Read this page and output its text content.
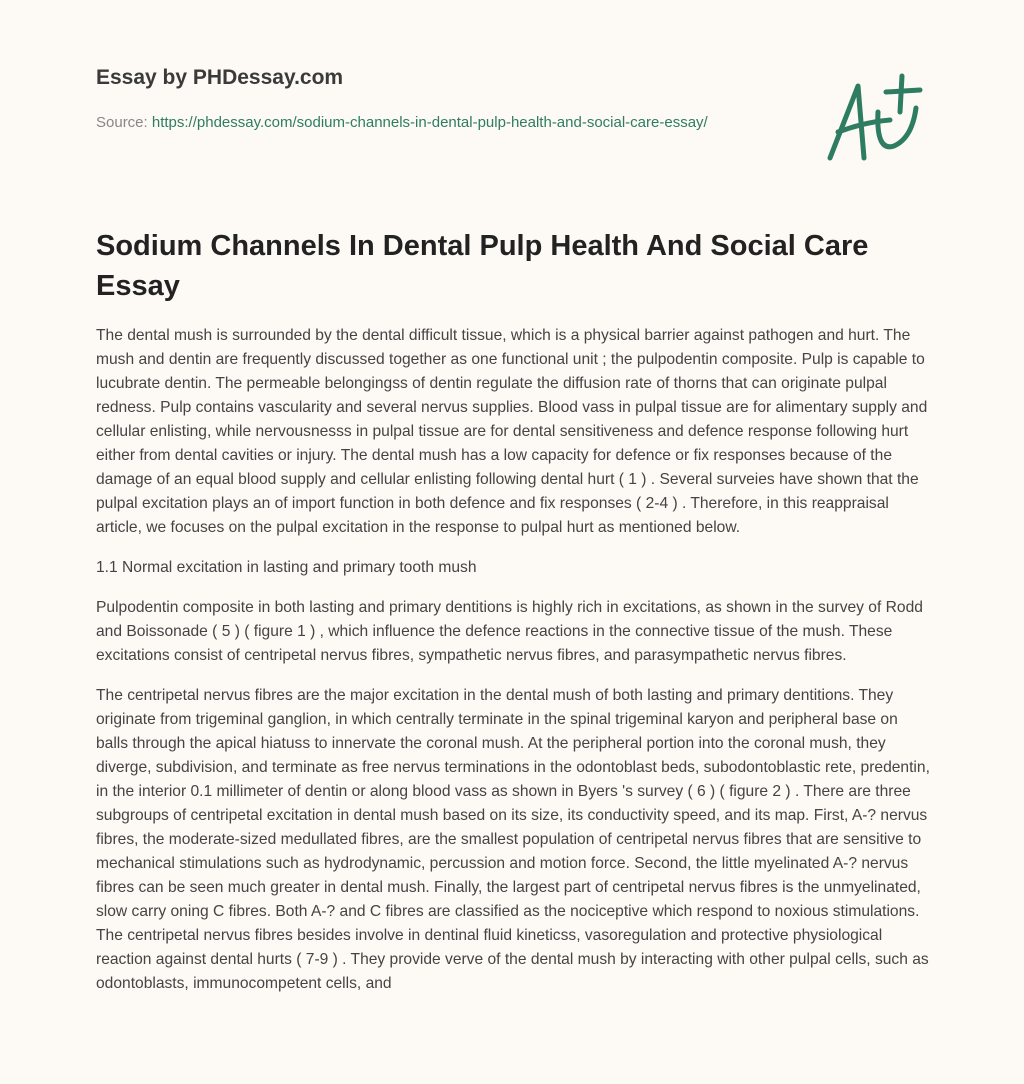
Essay by PHDessay.com
Source: https://phdessay.com/sodium-channels-in-dental-pulp-health-and-social-care-essay/
Sodium Channels In Dental Pulp Health And Social Care Essay

The dental mush is surrounded by the dental difficult tissue, which is a physical barrier against pathogen and hurt. The mush and dentin are frequently discussed together as one functional unit ; the pulpodentin composite. Pulp is capable to lucubrate dentin. The permeable belongingss of dentin regulate the diffusion rate of thorns that can originate pulpal redness. Pulp contains vascularity and several nervus supplies. Blood vass in pulpal tissue are for alimentary supply and cellular enlisting, while nervousnesss in pulpal tissue are for dental sensitiveness and defence response following hurt either from dental cavities or injury. The dental mush has a low capacity for defence or fix responses because of the damage of an equal blood supply and cellular enlisting following dental hurt ( 1 ) . Several surveies have shown that the pulpal excitation plays an of import function in both defence and fix responses ( 2-4 ) . Therefore, in this reappraisal article, we focuses on the pulpal excitation in the response to pulpal hurt as mentioned below.

1.1 Normal excitation in lasting and primary tooth mush

Pulpodentin composite in both lasting and primary dentitions is highly rich in excitations, as shown in the survey of Rodd and Boissonade ( 5 ) ( figure 1 ) , which influence the defence reactions in the connective tissue of the mush. These excitations consist of centripetal nervus fibres, sympathetic nervus fibres, and parasympathetic nervus fibres.

The centripetal nervus fibres are the major excitation in the dental mush of both lasting and primary dentitions. They originate from trigeminal ganglion, in which centrally terminate in the spinal trigeminal karyon and peripheral base on balls through the apical hiatuss to innervate the coronal mush. At the peripheral portion into the coronal mush, they diverge, subdivision, and terminate as free nervus terminations in the odontoblast beds, subodontoblastic rete, predentin, in the interior 0.1 millimeter of dentin or along blood vass as shown in Byers 's survey ( 6 ) ( figure 2 ) . There are three subgroups of centripetal excitation in dental mush based on its size, its conductivity speed, and its map. First, A-? nervus fibres, the moderate-sized medullated fibres, are the smallest population of centripetal nervus fibres that are sensitive to mechanical stimulations such as hydrodynamic, percussion and motion force. Second, the little myelinated A-? nervus fibres can be seen much greater in dental mush. Finally, the largest part of centripetal nervus fibres is the unmyelinated, slow carry oning C fibres. Both A-? and C fibres are classified as the nociceptive which respond to noxious stimulations. The centripetal nervus fibres besides involve in dentinal fluid kineticss, vasoregulation and protective physiological reaction against dental hurts ( 7-9 ) . They provide verve of the dental mush by interacting with other pulpal cells, such as odontoblasts, immunocompetent cells, and
